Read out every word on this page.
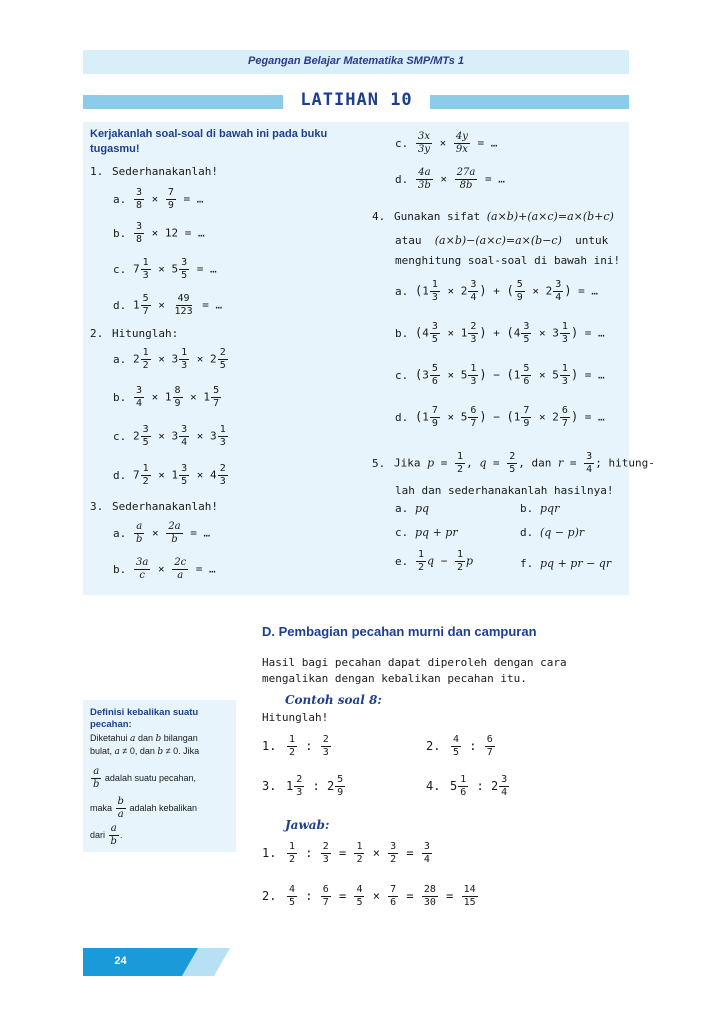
Pegangan Belajar Matematika SMP/MTs 1
LATIHAN 10
Kerjakanlah soal-soal di bawah ini pada buku tugasmu!
1. Sederhanakanlah!
a. $\frac{3}{8} \times \frac{7}{9}$ = …
b. $\frac{3}{8} \times 12$ = …
c. $7 \frac{1}{3} \times 5 \frac{3}{5}$ = …
d. $1 \frac{5}{7} \times \frac{49}{123}$ = …
2. Hitunglah:
a. $2 \frac{1}{2} \times 3 \frac{1}{3} \times 2 \frac{2}{5}$
b. $\frac{3}{4} \times 1 \frac{8}{9} \times 1 \frac{5}{7}$
c. $2 \frac{3}{5} \times 3 \frac{3}{4} \times 3 \frac{1}{3}$
d. $7 \frac{1}{2} \times 1 \frac{3}{5} \times 4 \frac{2}{3}$
3. Sederhanakanlah!
a. $\frac{a}{b} \times \frac{2a}{b}$ = …
b. $\frac{3a}{c} \times \frac{2c}{a}$ = …
c. $\frac{3x}{3y} \times \frac{4y}{9x}$ = …
d. $\frac{4a}{3b} \times \frac{27a}{8b}$ = …
4. Gunakan sifat (a×b)+(a×c)=a×(b+c)
atau (a×b)−(a×c)=a×(b−c) untuk
menghitung soal-soal di bawah ini!
a. ($1 \frac{1}{3} \times 2 \frac{3}{4}$ ) + ( $\frac{5}{9} \times 2 \frac{3}{4}$ ) = …
b. ($4 \frac{3}{5} \times 1 \frac{2}{3}$ ) + ($4 \frac{3}{5} \times 3 \frac{1}{3}$ ) = …
c. ($3 \frac{5}{6} \times 5 \frac{1}{3}$ ) − ($1 \frac{5}{6} \times 5 \frac{1}{3}$ ) = …
d. ($1 \frac{7}{9} \times 5 \frac{6}{7}$ ) − ($1 \frac{7}{9} \times 2 \frac{6}{7}$ ) = …
5. Jika $p = \frac{1}{2}$ , $q = \frac{2}{5}$ , dan $r = \frac{3}{4}$ ; hitung-
lah dan sederhanakanlah hasilnya!
a. pq	b. pqr
c. pq + pr	d. (q − p)r
e. $\frac{1}{2}$ $q - \frac{1}{2}$ p	f. pq + pr − qr
D. Pembagian pecahan murni dan campuran
Hasil bagi pecahan dapat diperoleh dengan cara mengalikan dengan kebalikan pecahan itu.
Contoh soal 8:
Hitunglah!
1. $\frac{1}{2}$ : $\frac{2}{3}$	2. $\frac{4}{5}$ : $\frac{6}{7}$
3. $1 \frac{2}{3}$ : $2 \frac{5}{9}$	4. $5 \frac{1}{6}$ : $2 \frac{3}{4}$
Jawab:
1. $\frac{1}{2}$ : $\frac{2}{3} = \frac{1}{2} \times \frac{3}{2} = \frac{3}{4}$
2. $\frac{4}{5}$ : $\frac{6}{7} = \frac{4}{5} \times \frac{7}{6} = \frac{28}{30} = \frac{14}{15}$
Definisi kebalikan suatu pecahan:
Diketahui a dan b bilangan
bulat, a ≠ 0, dan b ≠ 0. Jika
$\frac{a}{b}$ adalah suatu pecahan,
maka $\frac{b}{a}$ adalah kebalikan
dari $\frac{a}{b}$ .
24
